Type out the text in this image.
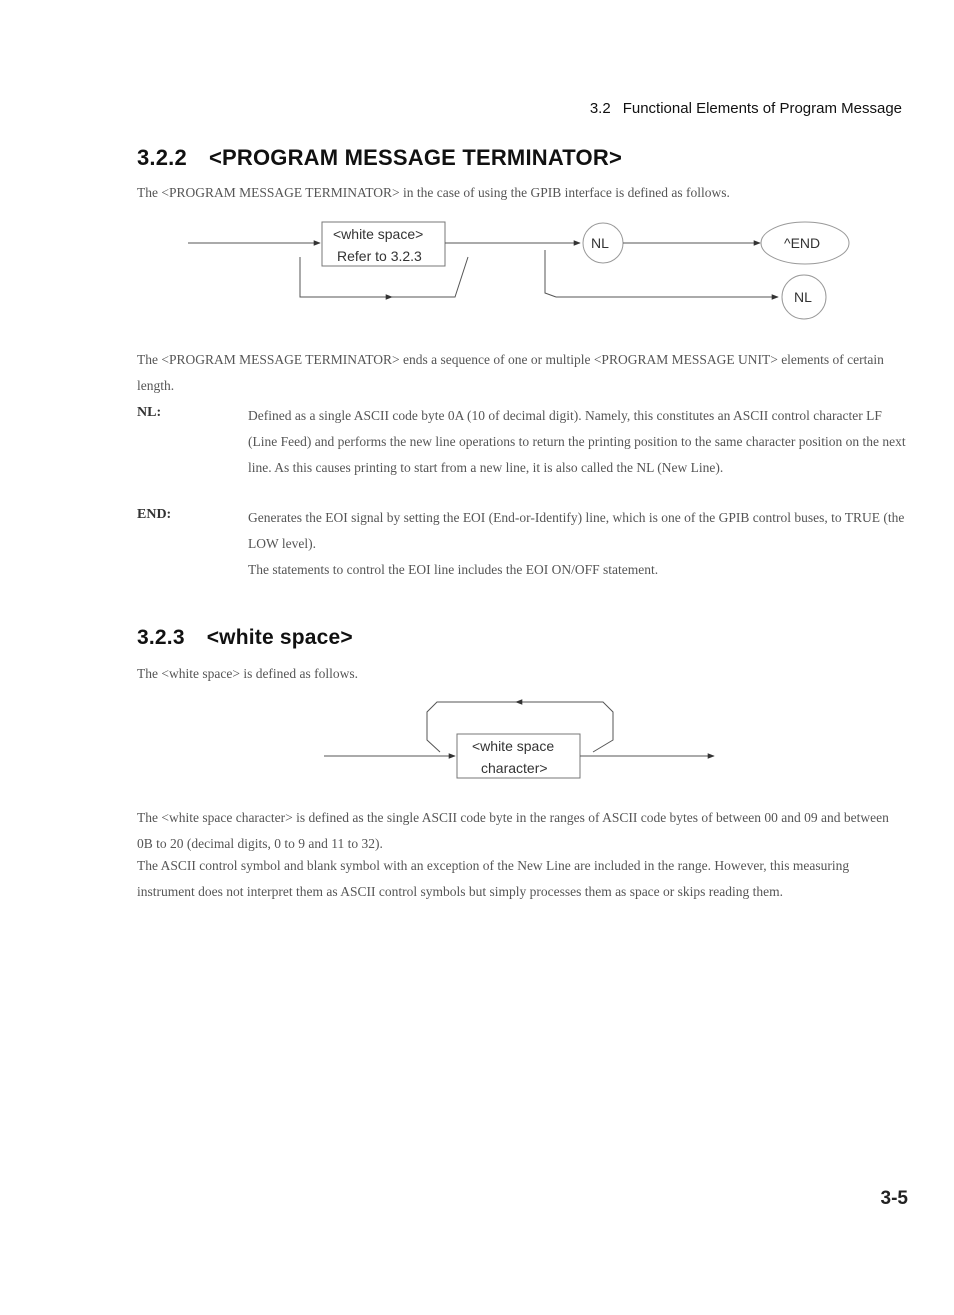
3.2 Functional Elements of Program Message
3.2.2 <PROGRAM MESSAGE TERMINATOR>
The <PROGRAM MESSAGE TERMINATOR> in the case of using the GPIB interface is defined as follows.
<white space>
Refer to 3.2.3
NL	^END
NL
The <PROGRAM MESSAGE TERMINATOR> ends a sequence of one or multiple <PROGRAM MESSAGE UNIT> elements of certain length.
NL:	Defined as a single ASCII code byte 0A (10 of decimal digit). Namely, this constitutes an ASCII control character LF (Line Feed) and performs the new line operations to return the printing position to the same character position on the next line. As this causes printing to start from a new line, it is also called the NL (New Line).
END:	Generates the EOI signal by setting the EOI (End-or-Identify) line, which is one of the GPIB control buses, to TRUE (the LOW level).
The statements to control the EOI line includes the EOI ON/OFF statement.
3.2.3 <white space>
The <white space> is defined as follows.
<white space
character>
The <white space character> is defined as the single ASCII code byte in the ranges of ASCII code bytes of between 00 and 09 and between 0B to 20 (decimal digits, 0 to 9 and 11 to 32).
The ASCII control symbol and blank symbol with an exception of the New Line are included in the range. However, this measuring instrument does not interpret them as ASCII control symbols but simply processes them as space or skips reading them.
3-5
